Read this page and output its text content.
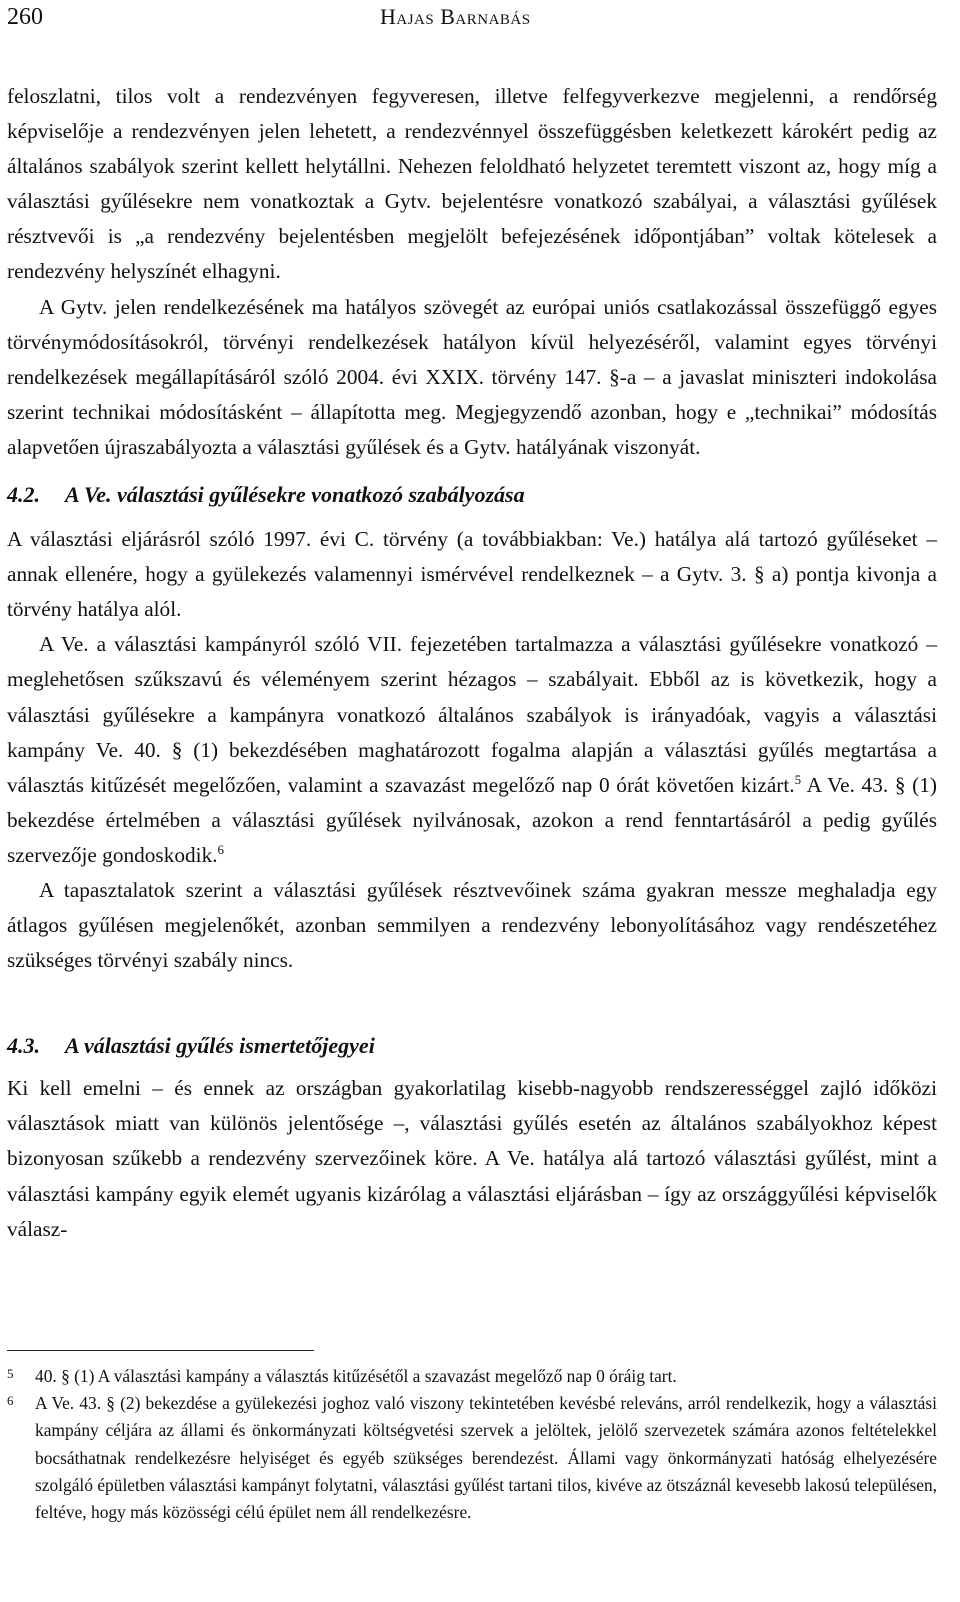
260	Hajas Barnabás

feloszlatni, tilos volt a rendezvényen fegyveresen, illetve felfegyverkezve megjelenni, a rendőrség képviselője a rendezvényen jelen lehetett, a rendezvénnyel összefüggésben keletkezett károkért pedig az általános szabályok szerint kellett helytállni. Nehezen feloldható helyzetet teremtett viszont az, hogy míg a választási gyűlésekre nem vonatkoztak a Gytv. bejelentésre vonatkozó szabályai, a választási gyűlések résztvevői is „a rendezvény bejelentésben megjelölt befejezésének időpontjában” voltak kötelesek a rendezvény helyszínét elhagyni.

A Gytv. jelen rendelkezésének ma hatályos szövegét az európai uniós csatlakozással összefüggő egyes törvénymódosításokról, törvényi rendelkezések hatályon kívül helyezéséről, valamint egyes törvényi rendelkezések megállapításáról szóló 2004. évi XXIX. törvény 147. §-a – a javaslat miniszteri indokolása szerint technikai módosításként – állapította meg. Megjegyzendő azonban, hogy e „technikai” módosítás alapvetően újraszabályozta a választási gyűlések és a Gytv. hatályának viszonyát.

4.2. A Ve. választási gyűlésekre vonatkozó szabályozása

A választási eljárásról szóló 1997. évi C. törvény (a továbbiakban: Ve.) hatálya alá tartozó gyűléseket – annak ellenére, hogy a gyülekezés valamennyi ismérvével rendelkeznek – a Gytv. 3. § a) pontja kivonja a törvény hatálya alól.

A Ve. a választási kampányról szóló VII. fejezetében tartalmazza a választási gyűlésekre vonatkozó – meglehetősen szűkszavú és véleményem szerint hézagos – szabályait. Ebből az is következik, hogy a választási gyűlésekre a kampányra vonatkozó általános szabályok is irányadóak, vagyis a választási kampány Ve. 40. § (1) bekezdésében maghatározott fogalma alapján a választási gyűlés megtartása a választás kitűzését megelőzően, valamint a szavazást megelőző nap 0 órát követően kizárt.$^5$ A Ve. 43. § (1) bekezdése értelmében a választási gyűlések nyilvánosak, azokon a rend fenntartásáról a pedig gyűlés szervezője gondoskodik.$^6$

A tapasztalatok szerint a választási gyűlések résztvevőinek száma gyakran messze meghaladja egy átlagos gyűlésen megjelenőkét, azonban semmilyen a rendezvény lebonyolításához vagy rendészetéhez szükséges törvényi szabály nincs.

4.3. A választási gyűlés ismertetőjegyei

Ki kell emelni – és ennek az országban gyakorlatilag kisebb-nagyobb rendszerességgel zajló időközi választások miatt van különös jelentősége –, választási gyűlés esetén az általános szabályokhoz képest bizonyosan szűkebb a rendezvény szervezőinek köre. A Ve. hatálya alá tartozó választási gyűlést, mint a választási kampány egyik elemét ugyanis kizárólag a választási eljárásban – így az országgyűlési képviselők válasz-

5 40. § (1) A választási kampány a választás kitűzésétől a szavazást megelőző nap 0 óráig tart.
6 A Ve. 43. § (2) bekezdése a gyülekezési joghoz való viszony tekintetében kevésbé releváns, arról rendelkezik, hogy a választási kampány céljára az állami és önkormányzati költségvetési szervek a jelöltek, jelölő szervezetek számára azonos feltételekkel bocsáthatnak rendelkezésre helyiséget és egyéb szükséges berendezést. Állami vagy önkormányzati hatóság elhelyezésére szolgáló épületben választási kampányt folytatni, választási gyűlést tartani tilos, kivéve az ötszáznál kevesebb lakosú településen, feltéve, hogy más közösségi célú épület nem áll rendelkezésre.
